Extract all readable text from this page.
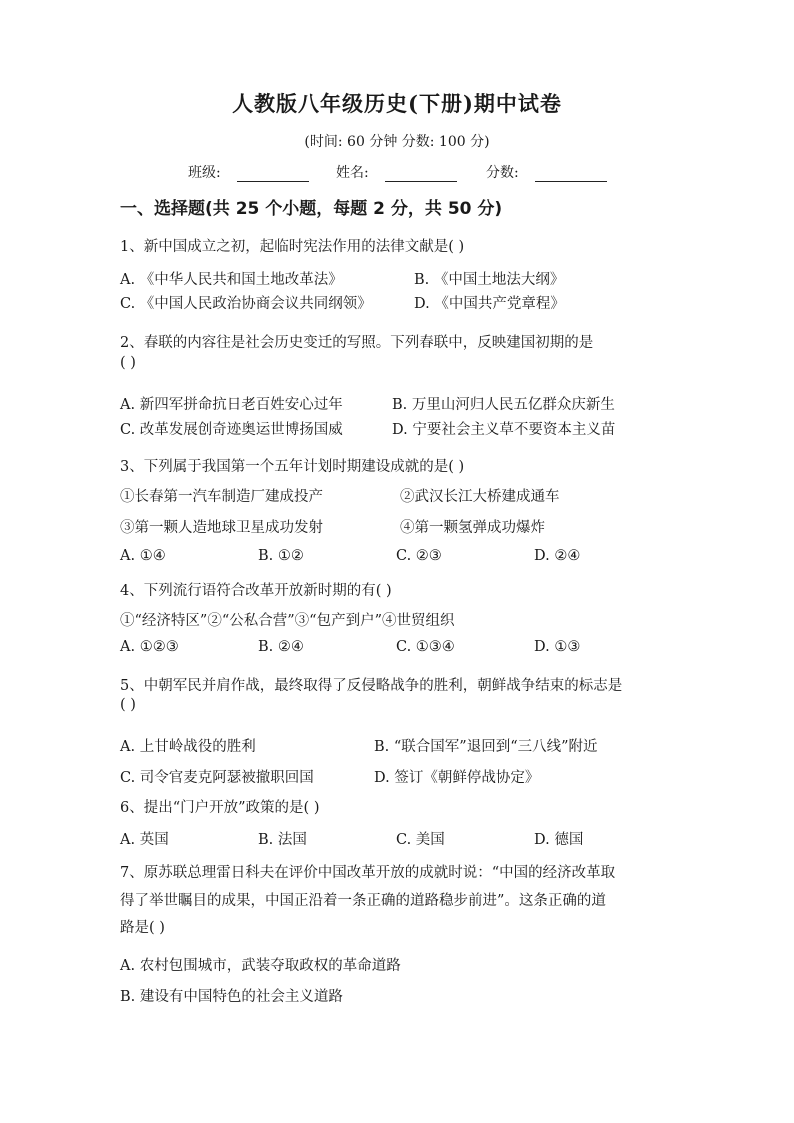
人教版八年级历史(下册)期中试卷
(时间: 60 分钟 分数: 100 分)
班级:	姓名:	分数:
一、选择题(共 25 个小题，每题 2 分，共 50 分)
1、新中国成立之初，起临时宪法作用的法律文献是( )
A. 《中华人民共和国土地改革法》	B. 《中国土地法大纲》
C. 《中国人民政治协商会议共同纲领》	D. 《中国共产党章程》
2、春联的内容往是社会历史变迁的写照。下列春联中，反映建国初期的是
( )
A. 新四军拼命抗日老百姓安心过年	B. 万里山河归人民五亿群众庆新生
C. 改革发展创奇迹奥运世博扬国威	D. 宁要社会主义草不要资本主义苗
3、下列属于我国第一个五年计划时期建设成就的是( )
①长春第一汽车制造厂建成投产	②武汉长江大桥建成通车
③第一颗人造地球卫星成功发射	④第一颗氢弹成功爆炸
A. ①④	B. ①②	C. ②③	D. ②④
4、下列流行语符合改革开放新时期的有( )
①“经济特区”②“公私合营”③“包产到户”④世贸组织
A. ①②③	B. ②④	C. ①③④	D. ①③
5、中朝军民并肩作战，最终取得了反侵略战争的胜利，朝鲜战争结束的标志是
( )
A. 上甘岭战役的胜利	B. “联合国军”退回到“三八线”附近
C. 司令官麦克阿瑟被撤职回国	D. 签订《朝鲜停战协定》
6、提出“门户开放”政策的是( )
A. 英国	B. 法国	C. 美国	D. 德国
7、原苏联总理雷日科夫在评价中国改革开放的成就时说：“中国的经济改革取
得了举世瞩目的成果，中国正沿着一条正确的道路稳步前进”。这条正确的道
路是( )
A. 农村包围城市，武装夺取政权的革命道路
B. 建设有中国特色的社会主义道路
